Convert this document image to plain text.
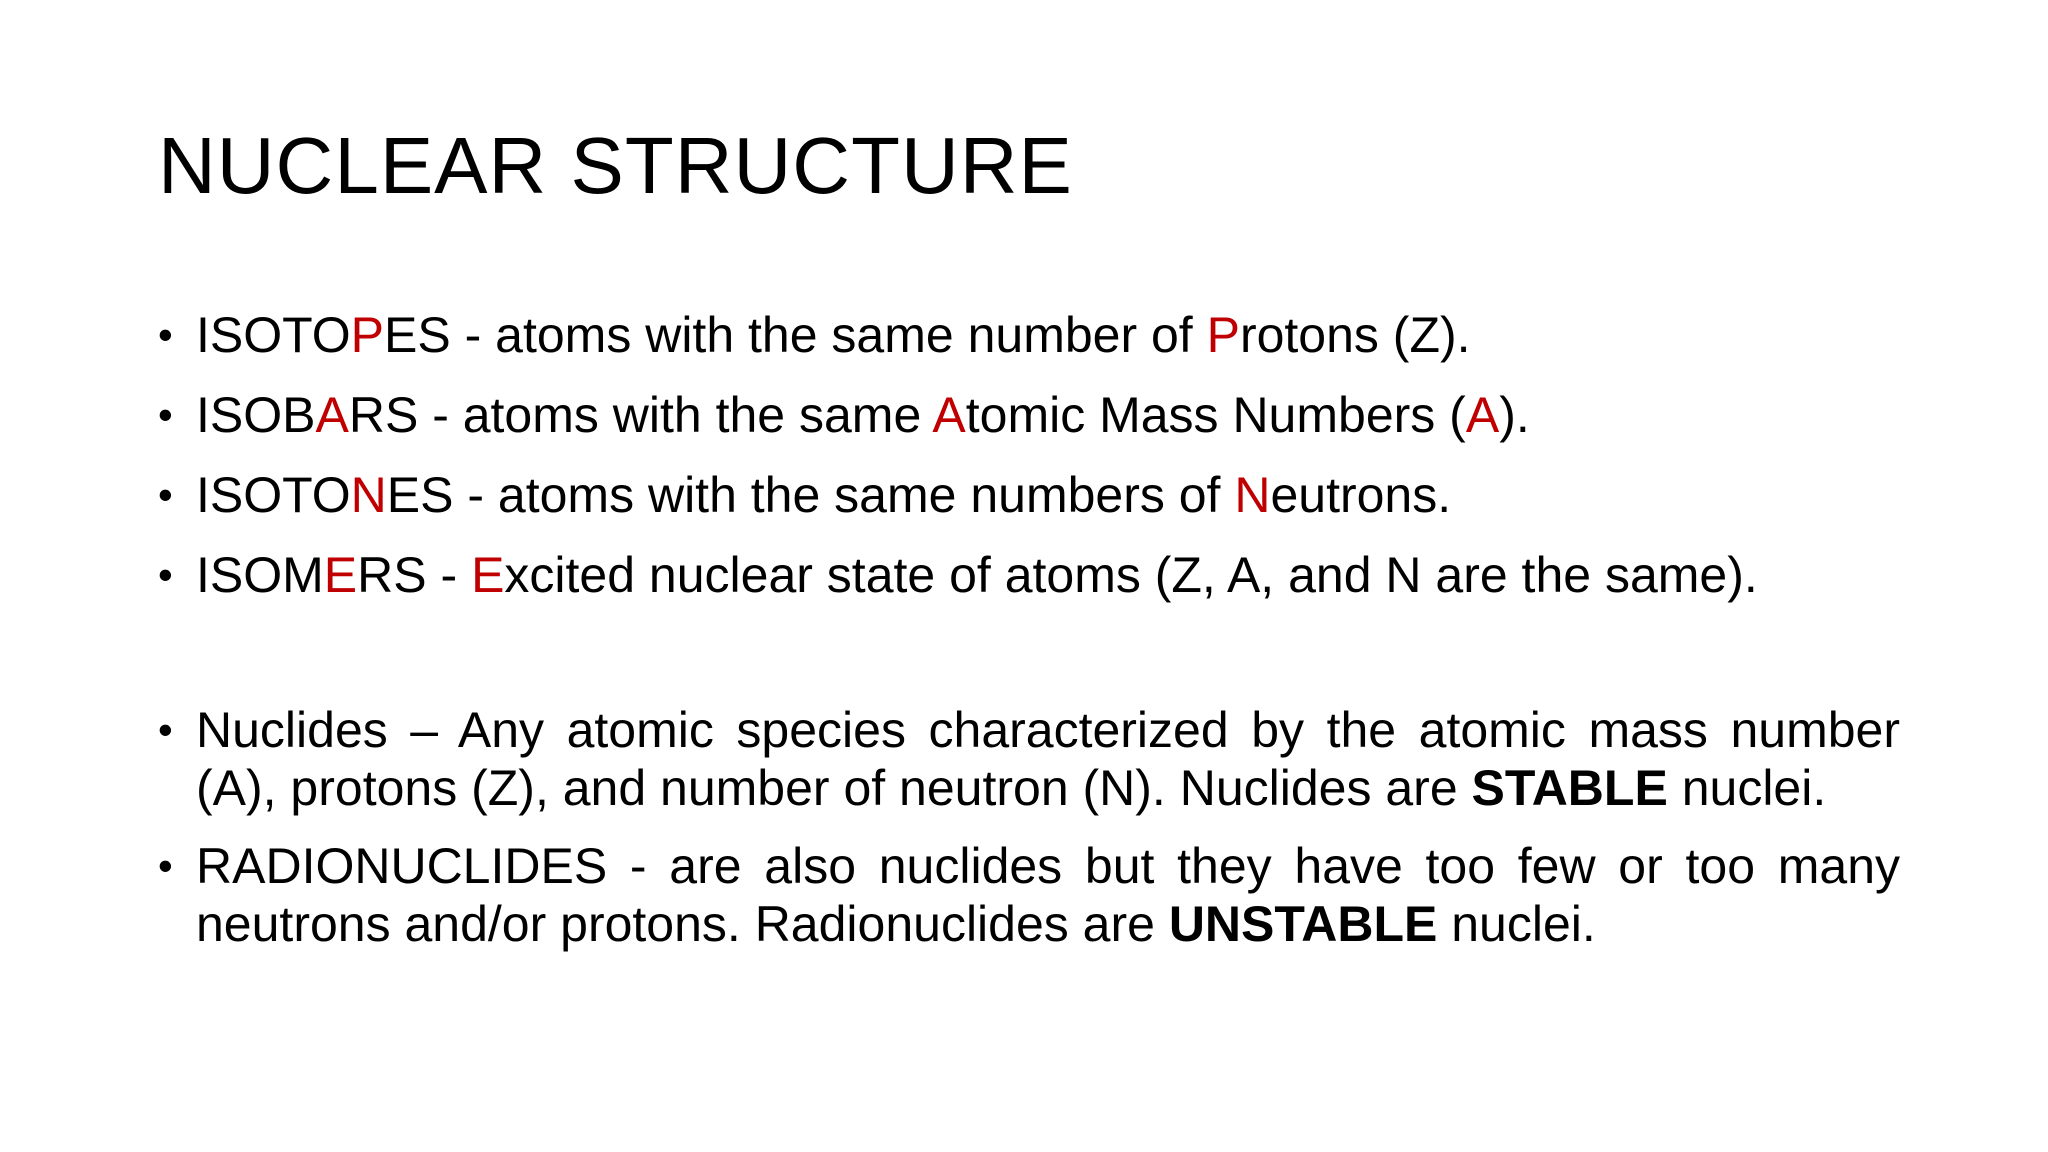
NUCLEAR STRUCTURE
• ISOTOPES - atoms with the same number of Protons (Z).
• ISOBARS - atoms with the same Atomic Mass Numbers (A).
• ISOTONES - atoms with the same numbers of Neutrons.
• ISOMERS - Excited nuclear state of atoms (Z, A, and N are the same).
• Nuclides – Any atomic species characterized by the atomic mass number (A), protons (Z), and number of neutron (N). Nuclides are STABLE nuclei.
• RADIONUCLIDES - are also nuclides but they have too few or too many neutrons and/or protons. Radionuclides are UNSTABLE nuclei.
